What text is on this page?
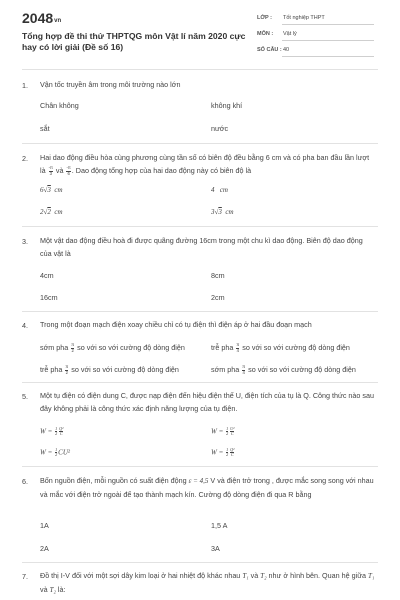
2048vn
Tổng hợp đề thi thử THPTQG môn Vật lí năm 2020 cực hay có lời giải (Đề số 16)
LỚP : Tốt nghiệp THPT
MÔN : Vật lý
SỐ CÂU : 40
1. Vận tốc truyền âm trong môi trường nào lớn
Chân không	không khí
sắt	nước
2. Hai dao động điều hòa cùng phương cùng tần số có biên độ đều bằng 6 cm và có pha ban đầu lần lượt là $\frac{-\pi}{3}$ và $\frac{-\pi}{6}$ . Dao động tổng hợp của hai dao động này có biên độ là
6√3 cm	4 cm
2√2 cm	3√3 cm
3. Một vật dao động điều hoà đi được quãng đường 16cm trong một chu kì dao động. Biên độ dao động của vật là
4cm	8cm
16cm	2cm
4. Trong một đoạn mạch điện xoay chiều chỉ có tụ điện thì điện áp ở hai đầu đoạn mạch
sớm pha $\frac{\pi}{2}$ so với so với cường độ dòng điện	trễ pha $\frac{\pi}{4}$ so với so với cường độ dòng điện
trễ pha $\frac{\pi}{2}$ so với so với cường độ dòng điện	sớm pha $\frac{\pi}{4}$ so với so với cường độ dòng điện
5. Một tụ điện có điện dung C, được nạp điện đến hiệu điện thế U, điện tích của tụ là Q. Công thức nào sau đây không phải là công thức xác định năng lượng của tụ điện.
$W = \frac{1}{2} \frac{\text{Q²}}{C}$	$W = \frac{1}{2} \frac{\text{U²}}{C}$
$W = \frac{1}{2} CU^2$	$W = \frac{1}{2} \frac{\text{Q²}}{C}$
6. Bốn nguồn điện, mỗi nguồn có suất điện động ε = 4,5 V và điện trở trong , được mắc song song với nhau và mắc với điện trở ngoài để tạo thành mạch kín. Cường độ dòng điện đi qua R bằng
1A	1,5 A
2A	3A
7. Đồ thị I-V đối với một sợi dây kim loại ở hai nhiệt độ khác nhau T₁ và T₂ như ở hình bên. Quan hệ giữa T₁ và T₂ là:
